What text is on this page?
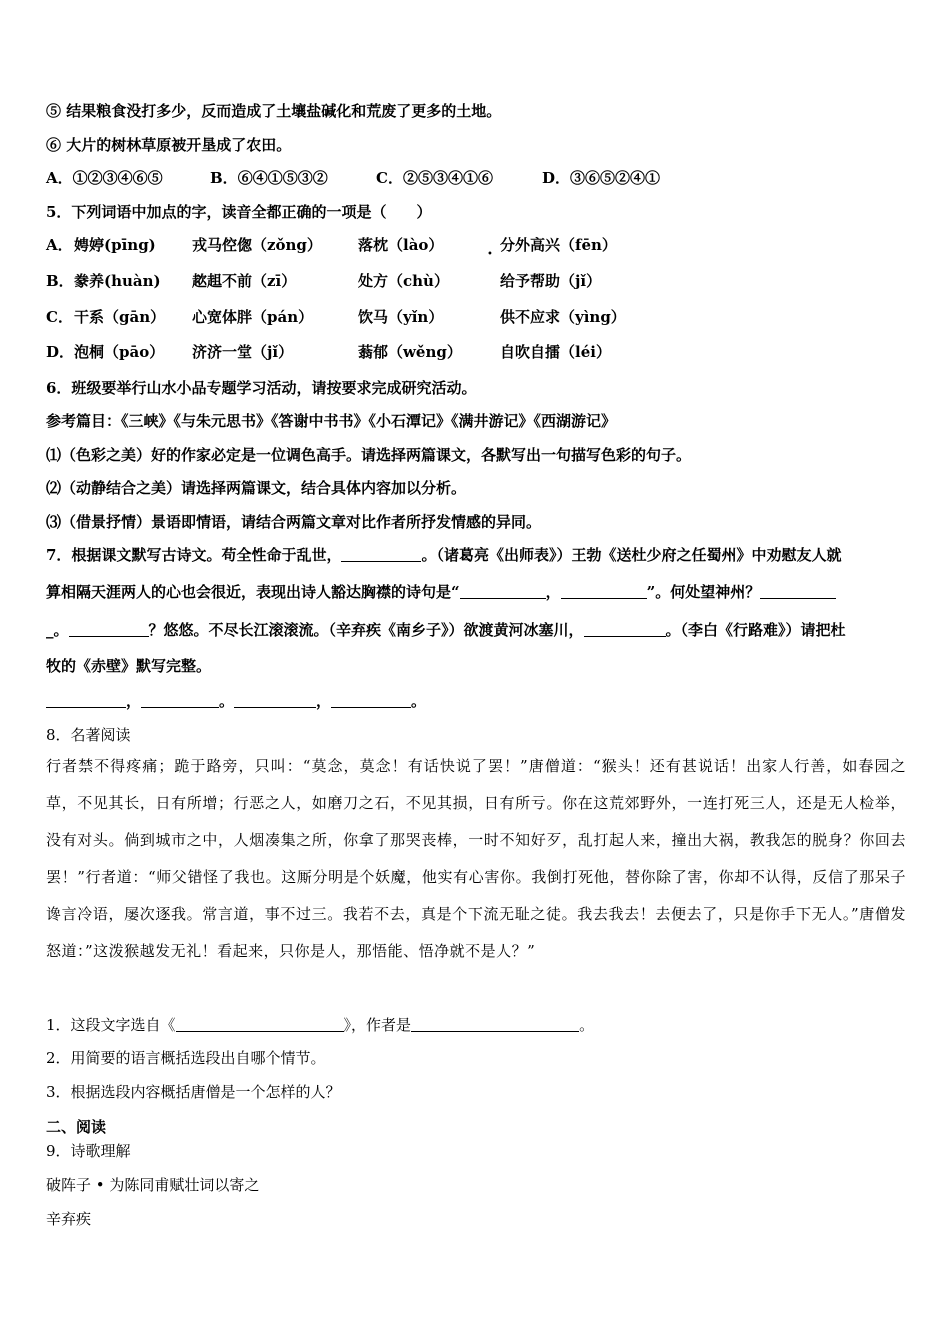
⑤ 结果粮食没打多少，反而造成了土壤盐碱化和荒废了更多的土地。
⑥ 大片的树林草原被开垦成了农田。
A．①②③④⑥⑤	B．⑥④①⑤③②	C．②⑤③④①⑥	D．③⑥⑤②④①
5．下列词语中加点的字，读音全都正确的一项是（　　）
A．娉婷(pīng) 戎马倥偬（zǒng） 落枕（lào）	分外高兴（fēn）
•
B．豢养(huàn) 趑趄不前（zī）	处方（chù）	给予帮助（jǐ）
C．干系（gān） 心宽体胖（pán）	饮马（yǐn）	供不应求（yìng）
D．泡桐（pāo） 济济一堂（jǐ）	蓊郁（wěng）	自吹自擂（léi）
6．班级要举行山水小品专题学习活动，请按要求完成研究活动。
参考篇目：《三峡》《与朱元思书》《答谢中书书》《小石潭记》《满井游记》《西湖游记》
⑴（色彩之美）好的作家必定是一位调色高手。请选择两篇课文，各默写出一句描写色彩的句子。
⑵（动静结合之美）请选择两篇课文，结合具体内容加以分析。
⑶（借景抒情）景语即情语，请结合两篇文章对比作者所抒发情感的异同。
7．根据课文默写古诗文。苟全性命于乱世，	。（诸葛亮《出师表》）王勃《送杜少府之任蜀州》中劝慰友人就
算相隔天涯两人的心也会很近，表现出诗人豁达胸襟的诗句是“	，	”。何处望神州？
_。	？悠悠。不尽长江滚滚流。（辛弃疾《南乡子》）欲渡黄河冰塞川，	。（李白《行路难》）请把杜
牧的《赤壁》默写完整。
，	。	，	。
8．名著阅读
行者禁不得疼痛；跪于路旁，只叫：“莫念，莫念！有话快说了罢！”唐僧道：“猴头！还有甚说话！出家人行善，如春园之草，不见其长，日有所增；行恶之人，如磨刀之石，不见其损，日有所亏。你在这荒郊野外，一连打死三人，还是无人检举，没有对头。倘到城市之中，人烟凑集之所，你拿了那哭丧棒，一时不知好歹，乱打起人来，撞出大祸，教我怎的脱身？你回去罢！”行者道：“师父错怪了我也。这厮分明是个妖魔，他实有心害你。我倒打死他，替你除了害，你却不认得，反信了那呆子谗言冷语，屡次逐我。常言道，事不过三。我若不去，真是个下流无耻之徒。我去我去！去便去了，只是你手下无人。”唐僧发怒道：”这泼猴越发无礼！看起来，只你是人，那悟能、悟净就不是人？”
1．这段文字选自《	》，作者是	。
2．用简要的语言概括选段出自哪个情节。
3．根据选段内容概括唐僧是一个怎样的人？
二、阅读
9．诗歌理解
破阵子 • 为陈同甫赋壮词以寄之
辛弃疾
